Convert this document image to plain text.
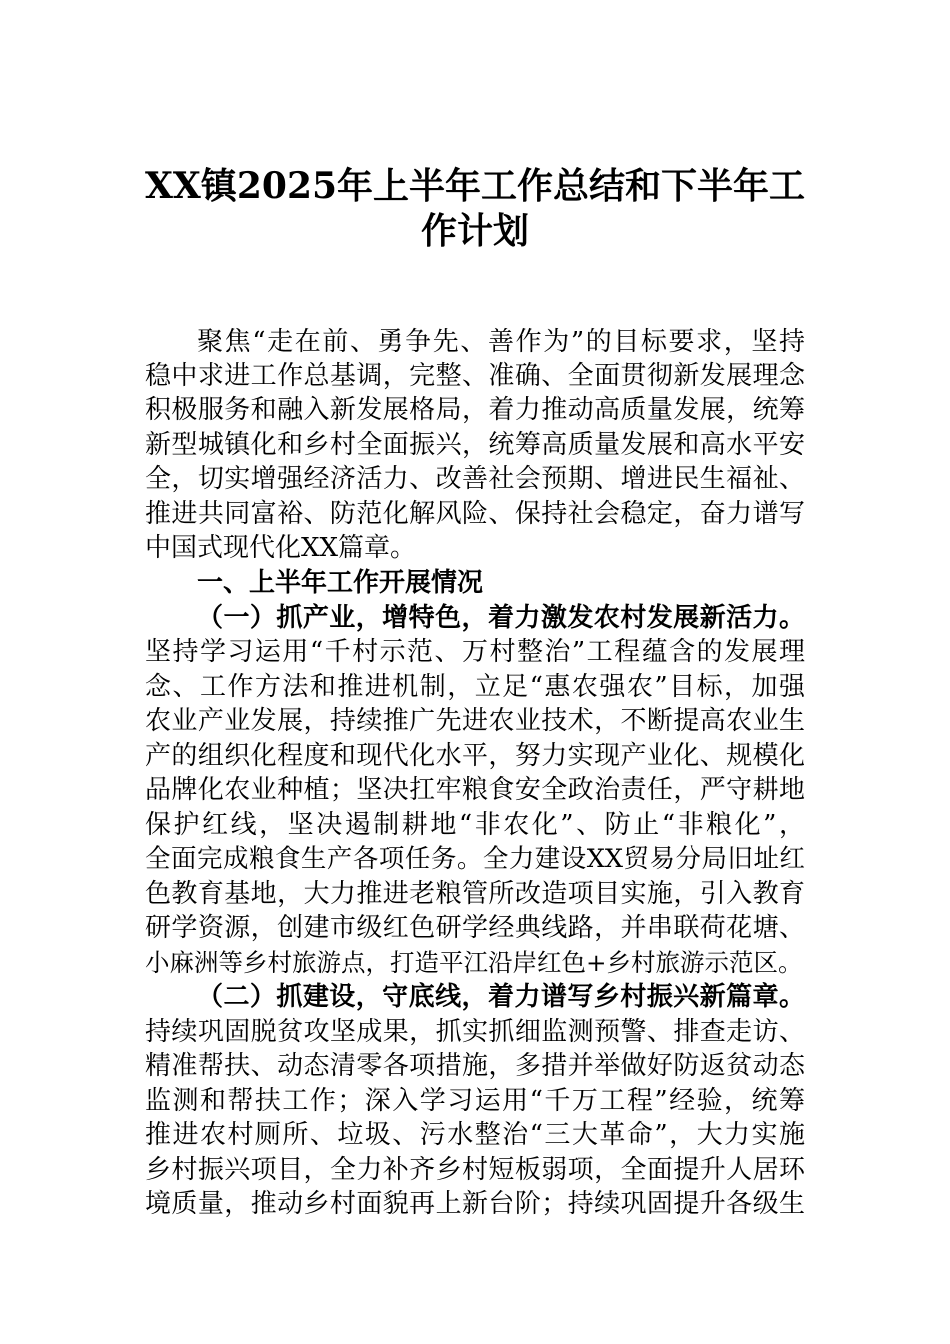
XX镇2025年上半年工作总结和下半年工
作计划
聚焦“走在前、勇争先、善作为”的目标要求，坚持
稳中求进工作总基调，完整、准确、全面贯彻新发展理念
积极服务和融入新发展格局，着力推动高质量发展，统筹
新型城镇化和乡村全面振兴，统筹高质量发展和高水平安
全，切实增强经济活力、改善社会预期、增进民生福祉、
推进共同富裕、防范化解风险、保持社会稳定，奋力谱写
中国式现代化XX篇章。
一、上半年工作开展情况
（一）抓产业，增特色，着力激发农村发展新活力。
坚持学习运用“千村示范、万村整治”工程蕴含的发展理
念、工作方法和推进机制，立足“惠农强农”目标，加强
农业产业发展，持续推广先进农业技术，不断提高农业生
产的组织化程度和现代化水平，努力实现产业化、规模化
品牌化农业种植；坚决扛牢粮食安全政治责任，严守耕地
保护红线，坚决遏制耕地“非农化”、防止“非粮化”，
全面完成粮食生产各项任务。全力建设XX贸易分局旧址红
色教育基地，大力推进老粮管所改造项目实施，引入教育
研学资源，创建市级红色研学经典线路，并串联荷花塘、
小麻洲等乡村旅游点，打造平江沿岸红色+乡村旅游示范区。
（二）抓建设，守底线，着力谱写乡村振兴新篇章。
持续巩固脱贫攻坚成果，抓实抓细监测预警、排查走访、
精准帮扶、动态清零各项措施，多措并举做好防返贫动态
监测和帮扶工作；深入学习运用“千万工程”经验，统筹
推进农村厕所、垃圾、污水整治“三大革命”，大力实施
乡村振兴项目，全力补齐乡村短板弱项，全面提升人居环
境质量，推动乡村面貌再上新台阶；持续巩固提升各级生
